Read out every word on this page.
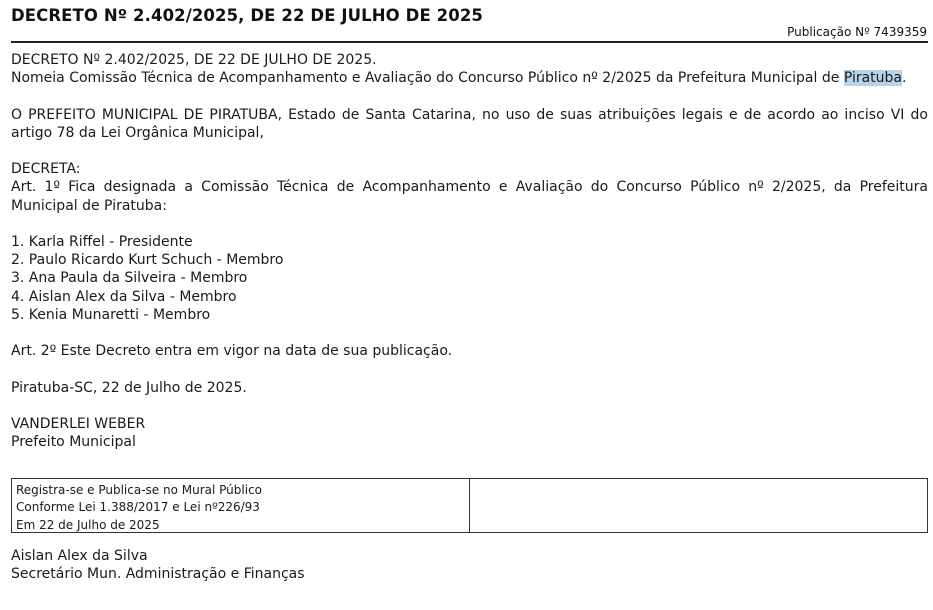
DECRETO Nº 2.402/2025, DE 22 DE JULHO DE 2025
Publicação Nº 7439359

DECRETO Nº 2.402/2025, DE 22 DE JULHO DE 2025.

Nomeia Comissão Técnica de Acompanhamento e Avaliação do Concurso Público nº 2/2025 da Prefeitura Municipal de Piratuba.

O PREFEITO MUNICIPAL DE PIRATUBA, Estado de Santa Catarina, no uso de suas atribuições legais e de acordo ao inciso VI do artigo 78 da Lei Orgânica Municipal,

DECRETA:

Art. 1º Fica designada a Comissão Técnica de Acompanhamento e Avaliação do Concurso Público nº 2/2025, da Prefeitura Municipal de Piratuba:

1. Karla Riffel - Presidente
2. Paulo Ricardo Kurt Schuch - Membro
3. Ana Paula da Silveira - Membro
4. Aislan Alex da Silva - Membro
5. Kenia Munaretti - Membro

Art. 2º Este Decreto entra em vigor na data de sua publicação.

Piratuba-SC, 22 de Julho de 2025.

VANDERLEI WEBER

Prefeito Municipal

Registra-se e Publica-se no Mural Público
Conforme Lei 1.388/2017 e Lei nº226/93
Em 22 de Julho de 2025
Aislan Alex da Silva
Secretário Mun. Administração e Finanças
